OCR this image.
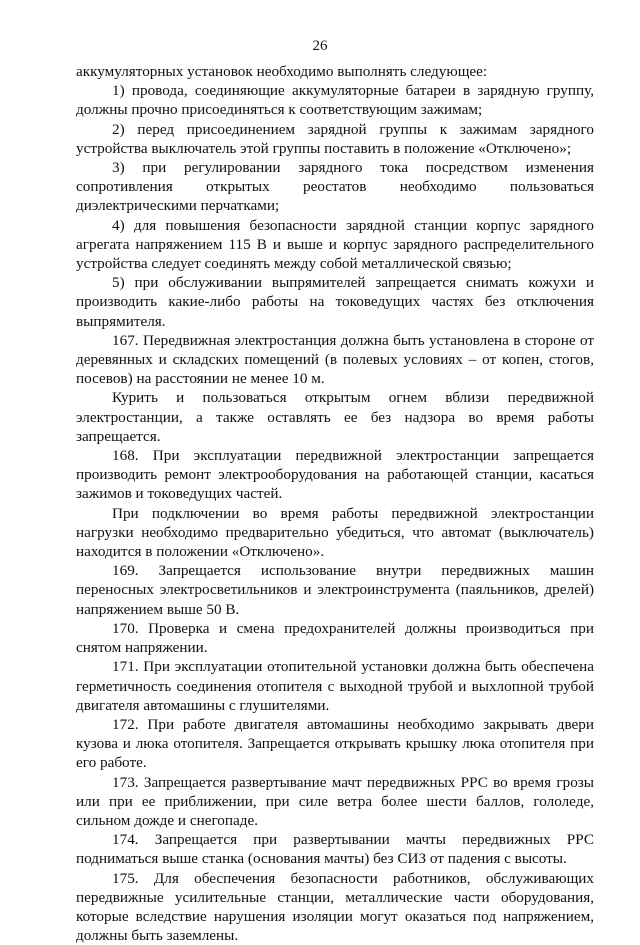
26

аккумуляторных установок необходимо выполнять следующее:

1) провода, соединяющие аккумуляторные батареи в зарядную группу, должны прочно присоединяться к соответствующим зажимам;

2) перед присоединением зарядной группы к зажимам зарядного устройства выключатель этой группы поставить в положение «Отключено»;

3) при регулировании зарядного тока посредством изменения сопротивления открытых реостатов необходимо пользоваться диэлектрическими перчатками;

4) для повышения безопасности зарядной станции корпус зарядного агрегата напряжением 115 В и выше и корпус зарядного распределительного устройства следует соединять между собой металлической связью;

5) при обслуживании выпрямителей запрещается снимать кожухи и производить какие-либо работы на токоведущих частях без отключения выпрямителя.

167. Передвижная электростанция должна быть установлена в стороне от деревянных и складских помещений (в полевых условиях – от копен, стогов, посевов) на расстоянии не менее 10 м.

Курить и пользоваться открытым огнем вблизи передвижной электростанции, а также оставлять ее без надзора во время работы запрещается.

168. При эксплуатации передвижной электростанции запрещается производить ремонт электрооборудования на работающей станции, касаться зажимов и токоведущих частей.

При подключении во время работы передвижной электростанции нагрузки необходимо предварительно убедиться, что автомат (выключатель) находится в положении «Отключено».

169. Запрещается использование внутри передвижных машин переносных электросветильников и электроинструмента (паяльников, дрелей) напряжением выше 50 В.

170. Проверка и смена предохранителей должны производиться при снятом напряжении.

171. При эксплуатации отопительной установки должна быть обеспечена герметичность соединения отопителя с выходной трубой и выхлопной трубой двигателя автомашины с глушителями.

172. При работе двигателя автомашины необходимо закрывать двери кузова и люка отопителя. Запрещается открывать крышку люка отопителя при его работе.

173. Запрещается развертывание мачт передвижных РРС во время грозы или при ее приближении, при силе ветра более шести баллов, гололеде, сильном дожде и снегопаде.

174. Запрещается при развертывании мачты передвижных РРС подниматься выше станка (основания мачты) без СИЗ от падения с высоты.

175. Для обеспечения безопасности работников, обслуживающих передвижные усилительные станции, металлические части оборудования, которые вследствие нарушения изоляции могут оказаться под напряжением, должны быть заземлены.
